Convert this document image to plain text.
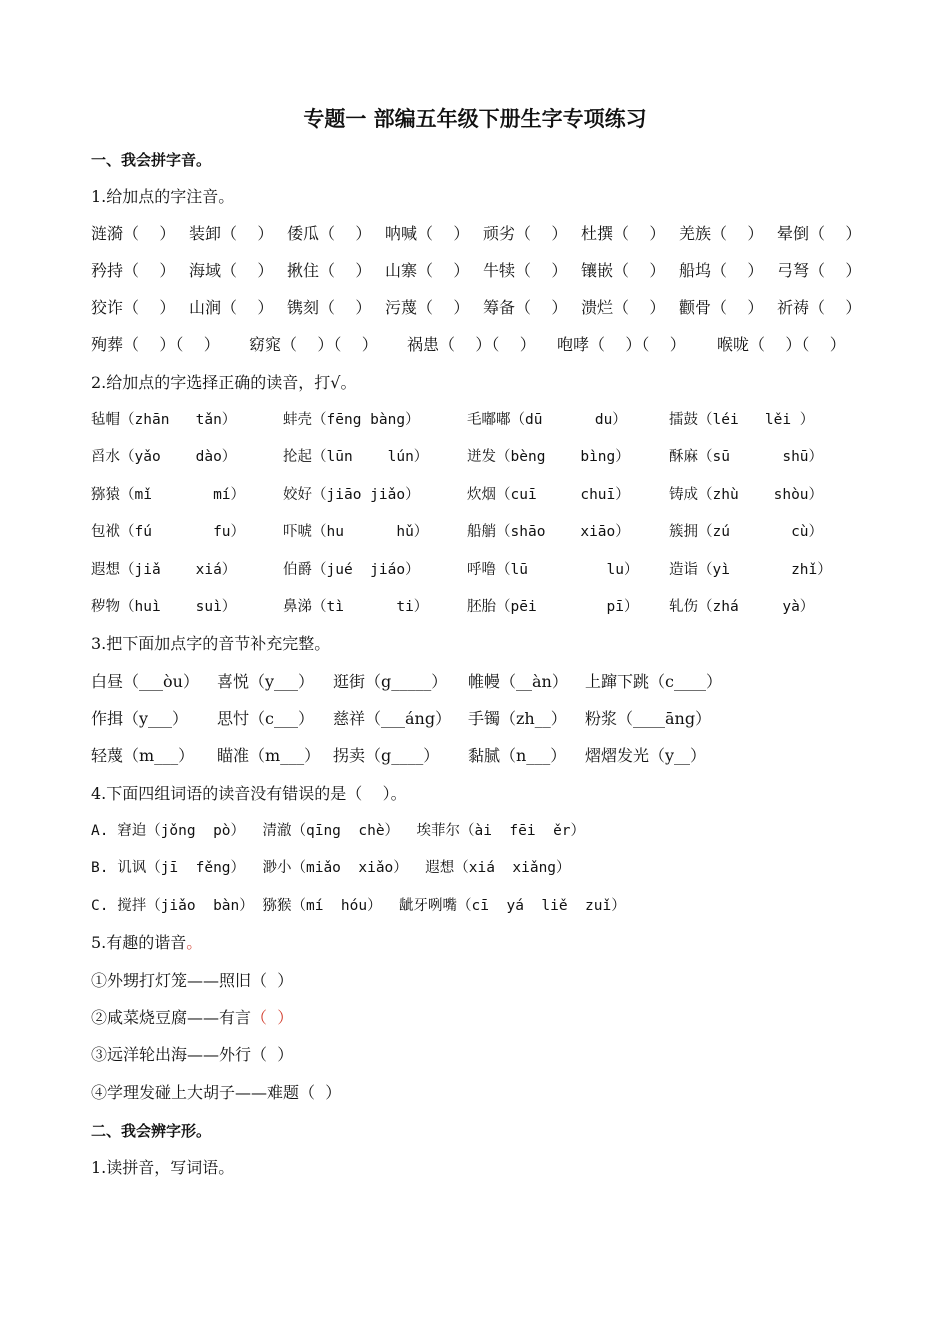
专题一 部编五年级下册生字专项练习
一、我会拼字音。
1.给加点的字注音。
涟漪（    ） 装卸（    ） 倭瓜（    ） 呐喊（    ） 顽劣（    ） 杜撰（    ） 羌族（    ） 晕倒（    ）
矜持（    ） 海域（    ） 揪住（    ） 山寨（    ） 牛犊（    ） 镶嵌（    ） 船坞（    ） 弓弩（    ）
狡诈（    ） 山涧（    ） 镌刻（    ） 污蔑（    ） 筹备（    ） 溃烂（    ） 颧骨（    ） 祈祷（    ）
殉葬（    ）（    ） 窈窕（    ）（    ） 祸患（    ）（    ） 咆哮（    ）（    ） 喉咙（    ）（    ）
2.给加点的字选择正确的读音，打√。
毡帽（zhān   tǎn）	蚌壳（fēng bàng）	毛嘟嘟（dū      du）	擂鼓（léi   lěi ）
舀水（yǎo    dào）	抡起（lūn    lún）	迸发（bèng    bìng）	酥麻（sū      shū）
猕猿（mǐ       mí）	姣好（jiāo jiǎo）	炊烟（cuī     chuī）	铸成（zhù    shòu）
包袱（fú       fu）	吓唬（hu      hǔ）	船艄（shāo    xiāo）	簇拥（zú       cù）
遐想（jiǎ    xiá）	伯爵（jué  jiáo）	呼噜（lū         lu） 造诣（yì       zhǐ）
秽物（huì    suì）	鼻涕（tì      ti）	胚胎（pēi        pī） 轧伤（zhá     yà）
3.把下面加点字的音节补充完整。
白昼（___òu） 喜悦（y___） 逛街（g_____） 帷幔（__àn） 上蹿下跳（c____）
作揖（y___） 思忖（c___） 慈祥（___áng） 手镯（zh__） 粉浆（____āng）
轻蔑（m___） 瞄准（m___） 拐卖（g____） 黏腻（n___） 熠熠发光（y__）
4.下面四组词语的读音没有错误的是（    ）。
A. 窘迫（jǒng  pò）  清澈（qīng  chè）  埃菲尔（ài  fēi  ěr）
B. 讥讽（jī  fěng）  渺小（miǎo  xiǎo）  遐想（xiá  xiǎng）
C. 搅拌（jiǎo  bàn） 猕猴（mí  hóu）  龇牙咧嘴（cī  yá  liě  zuǐ）
5.有趣的谐音。
①外甥打灯笼——照旧（  ）
②咸菜烧豆腐——有言（  ）
③远洋轮出海——外行（  ）
④学理发碰上大胡子——难题（  ）
二、我会辨字形。
1.读拼音，写词语。
